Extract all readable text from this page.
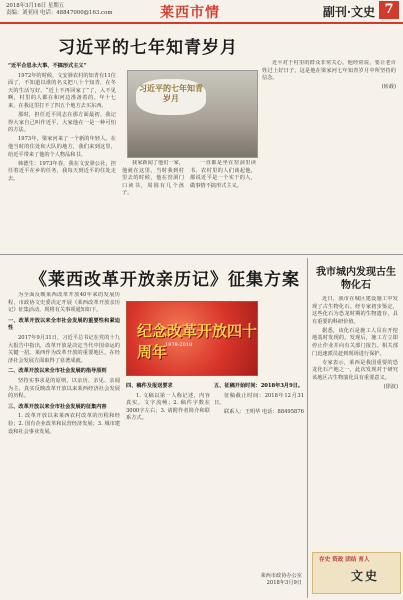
2018年3月16日 星期五
责编：刘亚同 电话：48847000@163.com	莱西市情	副刊·文史 7
习近平的七年知青岁月

“近平企思永大事、不搞形式主义”

1972年的时候，文安驿农村的知青有11位面了，不知道以谁的名义把八十个知青，在冬天的生活写好。“近上不再回家了”了，入不见啊，村里的人都在和河边准备着的。年十七来，在我这里打不了四五个地方去买东西。

那时，担任近平同志在那方面最初。我记得大家自己叫作近平，大家他在一是一种可怕的方法。

1973年，梁家河来了一个新的年轻人。在他当时的住处和大队的地方，我们来到这里，给近平带来了他的个人物品和书。

韩德生：1973年春，我在文安驿公社，担任着近平在乡的任务，我每天到近平的住处走去。

习近平的七年知青岁月

我家新闻了他们一家，他就在这里。当时我到村里去的时候，他在窑洞门口读书，周围有几个孩子。

一直都是坐在窑洞里读书。农村里的人们谈起他，都说近平是一个实干的人，做事情不搞形式主义。

近平对于村里的群众非常关心。他经常说，要让老百姓过上好日子。这是他在梁家河七年知青岁月中所坚持的信念。

(转载)

《莱西改革开放亲历记》征集方案

为全面反映莱西改革开放40年来的发展历程，市政协文史委决定开展《莱西改革开放亲历记》征集活动，现将有关事项通知如下。

一、改革开放以来全市社会发展的重要性和紧迫性

2017年9月31日，习近平总书记在党的十九大报告中指出，改革开放是决定当代中国命运的关键一招。莱西作为改革开放的重要地区，在经济社会发展方面取得了显著成就。

二、改革开放以来全市社会发展的指导原则

坚持实事求是的原则，以亲历、亲见、亲闻为主，真实反映改革开放以来莱西经济社会发展的历程。

三、改革开放以来全市社会发展的征集内容

1. 改革开放以来莱西农村改革的历程和经验；2. 国有企业改革和民营经济发展；3. 城市建设和社会事业发展。

纪念改革开放四十周年
1978-2018

四、稿件及报送要求

1. 文稿以第一人称记述，内容真实，文字流畅；2. 稿件字数在3000字左右；3. 请附作者简介和联系方式。

五、征稿开始时间：2018年3月9日。

征稿截止时间：2018年12月31日。

联系人：王明华 电话：88495876

莱西市政协办公室
2018年3月9日
我市城内发现古生物化石

近日，我市在城区建设施工中发现了古生物化石。经专家初步鉴定，这些化石为恐龙时期的生物遗存，具有重要的科研价值。

据悉，该化石是施工人员在开挖地基时发现的。发现后，施工方立即停止作业并向有关部门报告。相关部门迅速派员赶到现场进行保护。

专家表示，莱西是我国重要的恐龙化石产地之一，此次发现对于研究该地区古生物演化具有重要意义。

(徐波)

存史 资政 团结 育人
文史
